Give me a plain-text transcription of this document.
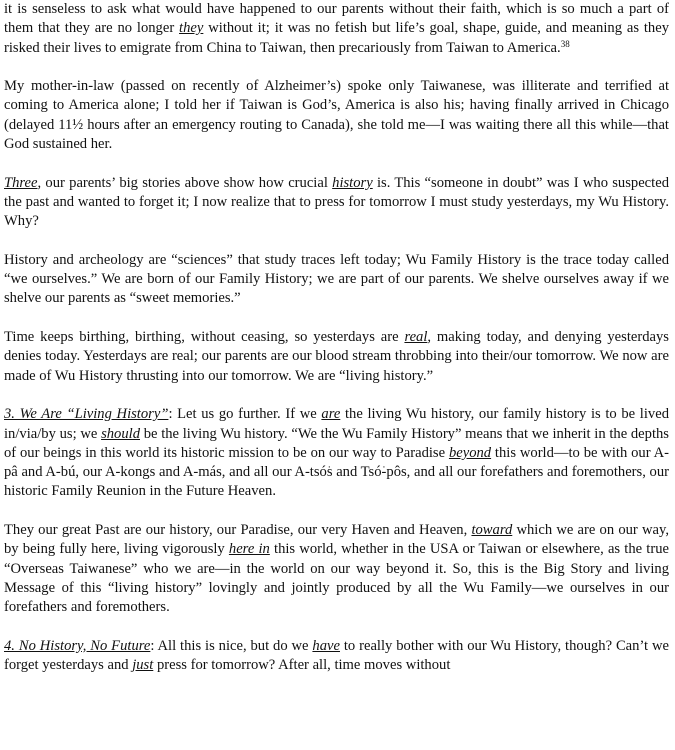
it is senseless to ask what would have happened to our parents without their faith, which is so much a part of them that they are no longer they without it; it was no fetish but life’s goal, shape, guide, and meaning as they risked their lives to emigrate from China to Taiwan, then precariously from Taiwan to America.$^{38}$

My mother-in-law (passed on recently of Alzheimer’s) spoke only Taiwanese, was illiterate and terrified at coming to America alone; I told her if Taiwan is God’s, America is also his; having finally arrived in Chicago (delayed 11½ hours after an emergency routing to Canada), she told me—I was waiting there all this while—that God sustained her.

Three, our parents’ big stories above show how crucial history is. This “someone in doubt” was I who suspected the past and wanted to forget it; I now realize that to press for tomorrow I must study yesterdays, my Wu History. Why?

History and archeology are “sciences” that study traces left today; Wu Family History is the trace today called “we ourselves.” We are born of our Family History; we are part of our parents. We shelve ourselves away if we shelve our parents as “sweet memories.”

Time keeps birthing, birthing, without ceasing, so yesterdays are real, making today, and denying yesterdays denies today. Yesterdays are real; our parents are our blood stream throbbing into their/our tomorrow. We now are made of Wu History thrusting into our tomorrow. We are “living history.”

3. We Are “Living History”: Let us go further. If we are the living Wu history, our family history is to be lived in/via/by us; we should be the living Wu history. “We the Wu Family History” means that we inherit in the depths of our beings in this world its historic mission to be on our way to Paradise beyond this world—to be with our A-pâ and A-bú, our A-kongs and A-más, and all our A-tsó͘s and Tsó͘-pôs, and all our forefathers and foremothers, our historic Family Reunion in the Future Heaven.

They our great Past are our history, our Paradise, our very Haven and Heaven, toward which we are on our way, by being fully here, living vigorously here in this world, whether in the USA or Taiwan or elsewhere, as the true “Overseas Taiwanese” who we are—in the world on our way beyond it. So, this is the Big Story and living Message of this “living history” lovingly and jointly produced by all the Wu Family—we ourselves in our forefathers and foremothers.

4. No History, No Future: All this is nice, but do we have to really bother with our Wu History, though? Can’t we forget yesterdays and just press for tomorrow? After all, time moves without
